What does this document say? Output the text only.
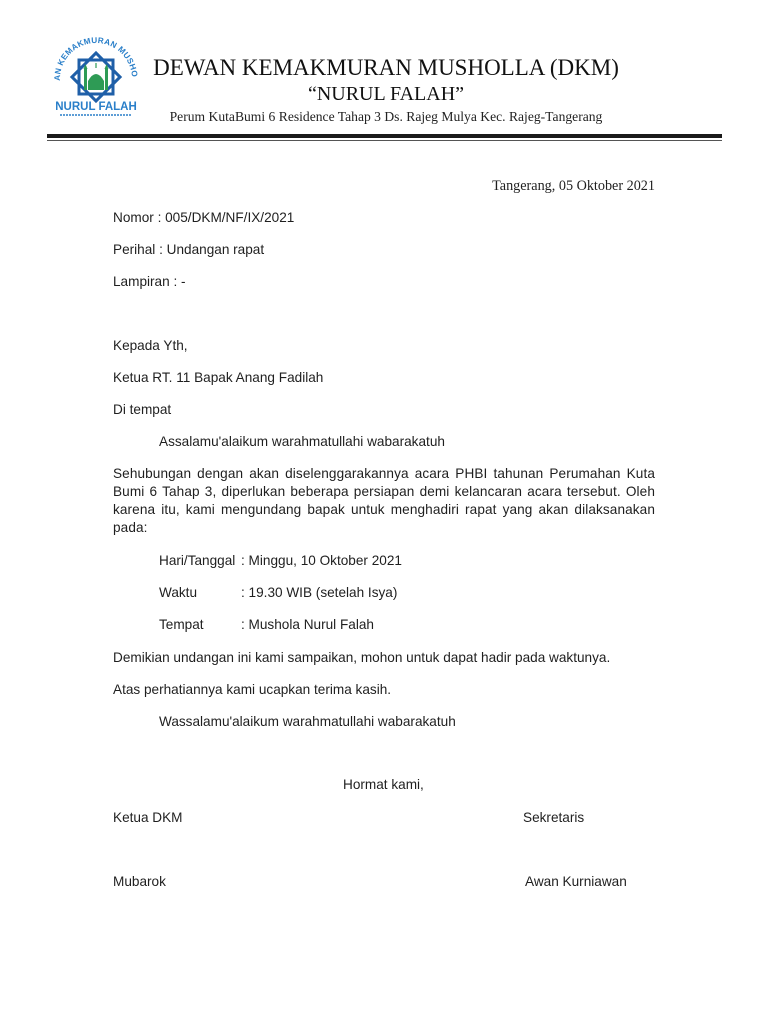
AN KEMAKMURAN MUSHO
NURUL FALAH
DEWAN KEMAKMURAN MUSHOLLA (DKM)
“NURUL FALAH”
Perum KutaBumi 6 Residence Tahap 3 Ds. Rajeg Mulya Kec. Rajeg-Tangerang
Tangerang, 05 Oktober 2021
Nomor : 005/DKM/NF/IX/2021
Perihal : Undangan rapat
Lampiran : -
Kepada Yth,
Ketua RT. 11 Bapak Anang Fadilah
Di tempat
Assalamu'alaikum warahmatullahi wabarakatuh
Sehubungan dengan akan diselenggarakannya acara PHBI tahunan Perumahan Kuta Bumi 6 Tahap 3, diperlukan beberapa persiapan demi kelancaran acara tersebut. Oleh karena itu, kami mengundang bapak untuk menghadiri rapat yang akan dilaksanakan pada:
Hari/Tanggal : Minggu, 10 Oktober 2021
Waktu	: 19.30 WIB (setelah Isya)
Tempat	: Mushola Nurul Falah
Demikian undangan ini kami sampaikan, mohon untuk dapat hadir pada waktunya.
Atas perhatiannya kami ucapkan terima kasih.
Wassalamu'alaikum warahmatullahi wabarakatuh
Hormat kami,
Ketua DKM	Sekretaris
Mubarok	Awan Kurniawan
